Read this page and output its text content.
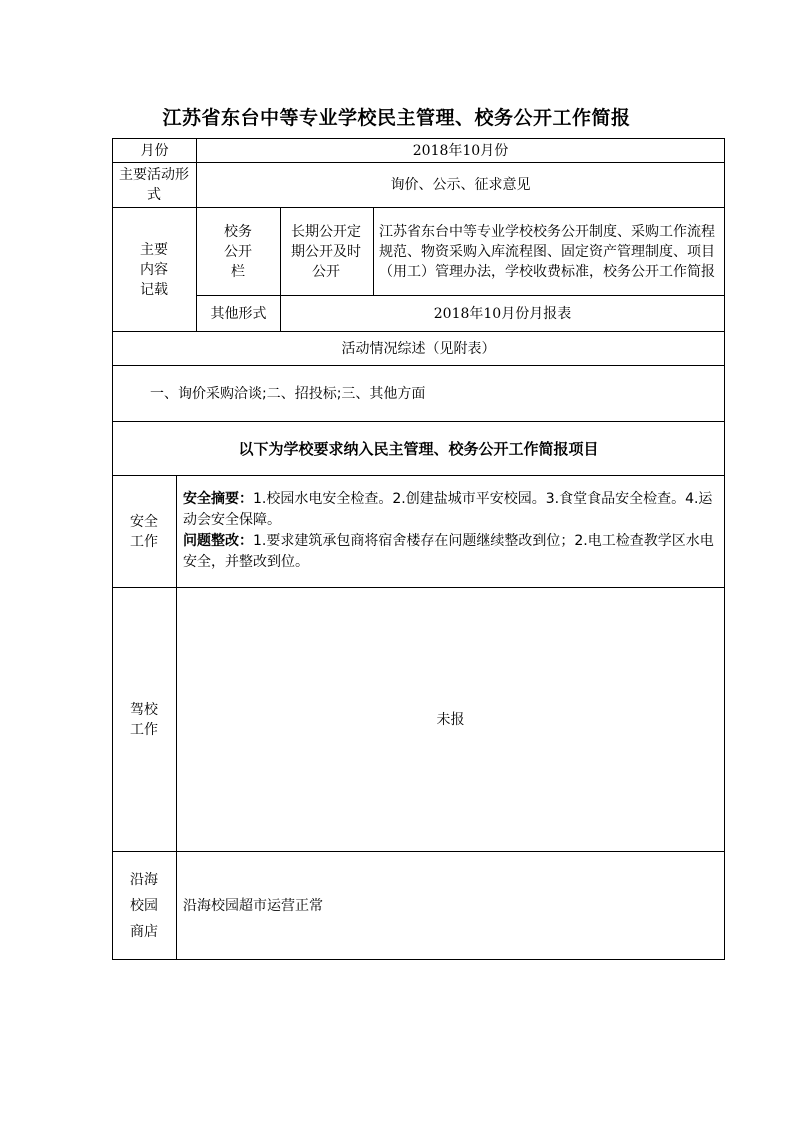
江苏省东台中等专业学校民主管理、校务公开工作简报
月份	2018年10月份
主要活动形式
询价、公示、征求意见
主要内容记载
校务公开栏
长期公开定期公开及时公开
江苏省东台中等专业学校校务公开制度、采购工作流程规范、物资采购入库流程图、固定资产管理制度、项目（用工）管理办法，学校收费标准，校务公开工作简报
其他形式	2018年10月份月报表
活动情况综述（见附表）
一、询价采购洽谈;二、招投标;三、其他方面
以下为学校要求纳入民主管理、校务公开工作简报项目
安全工作
安全摘要：1.校园水电安全检查。2.创建盐城市平安校园。3.食堂食品安全检查。4.运动会安全保障。
问题整改：1.要求建筑承包商将宿舍楼存在问题继续整改到位；2.电工检查教学区水电安全，并整改到位。
驾校工作
未报
沿海校园商店
沿海校园超市运营正常
